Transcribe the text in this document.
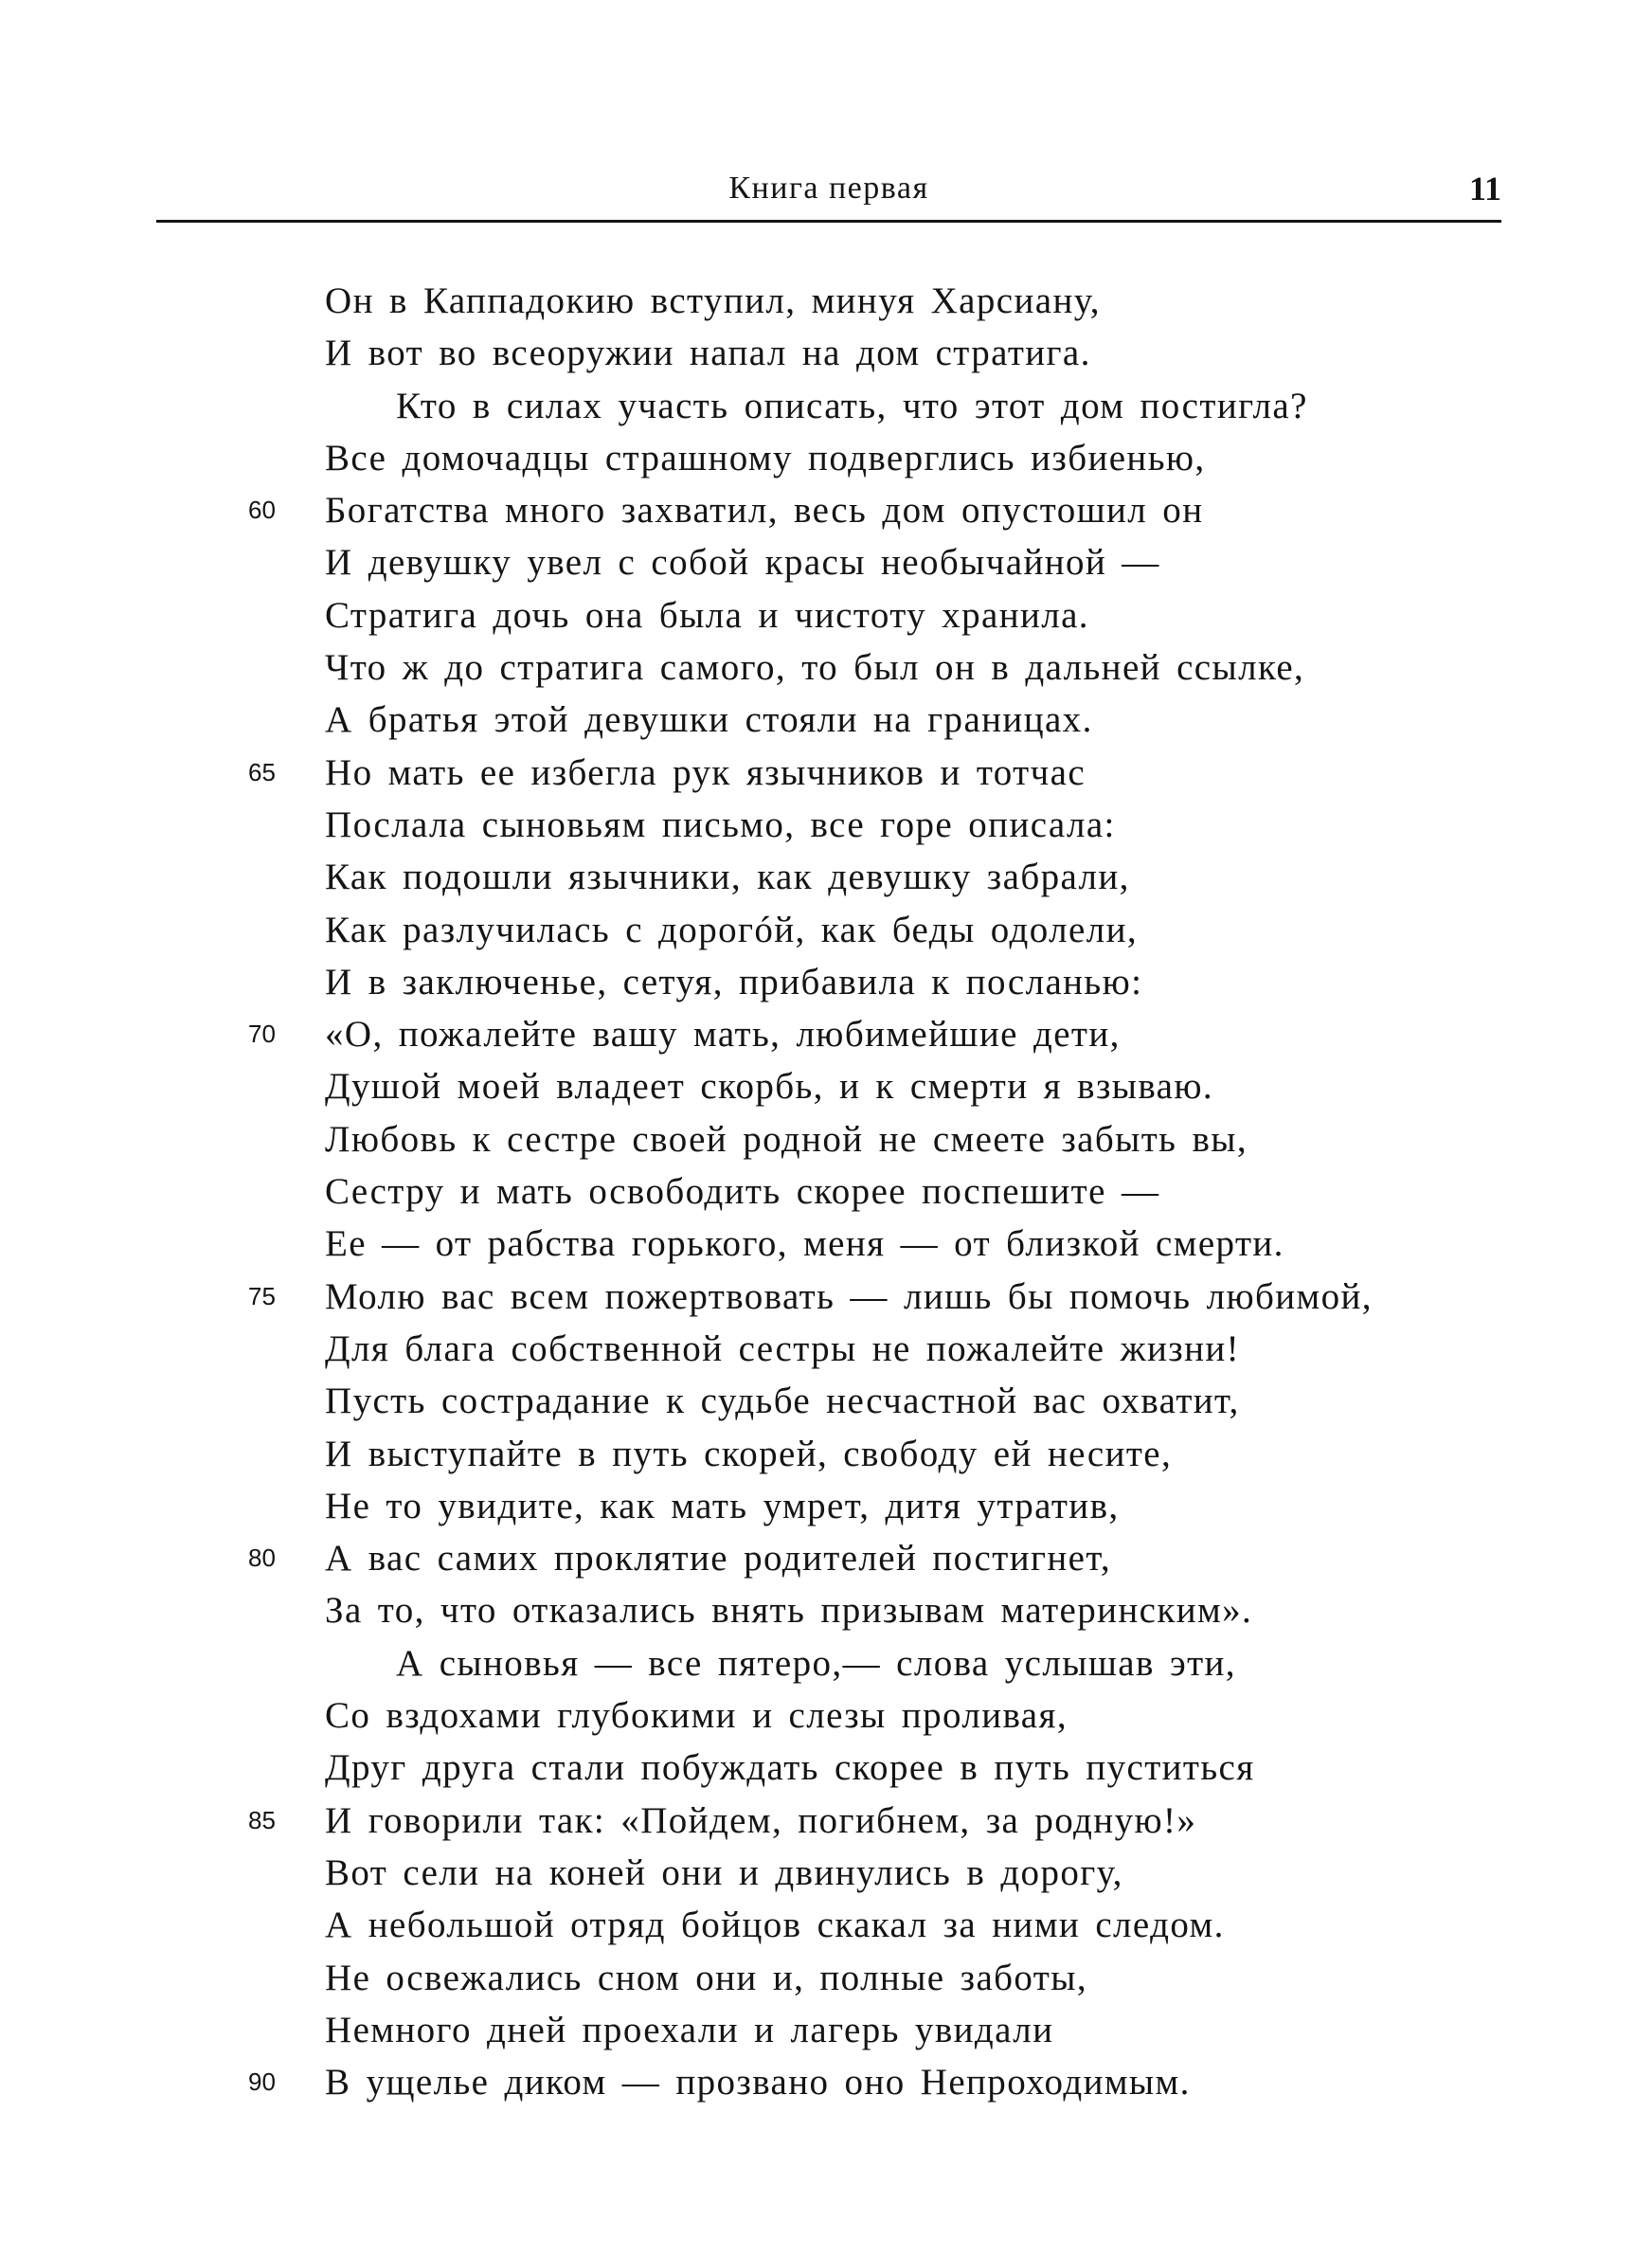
Книга первая	11
Он в Каппадокию вступил, минуя Харсиану,
И вот во всеоружии напал на дом стратига.
Кто в силах участь описать, что этот дом постигла?
Все домочадцы страшному подверглись избиенью,
60	Богатства много захватил, весь дом опустошил он
И девушку увел с собой красы необычайной —
Стратига дочь она была и чистоту хранила.
Что ж до стратига самого, то был он в дальней ссылке,
А братья этой девушки стояли на границах.
65	Но мать ее избегла рук язычников и тотчас
Послала сыновьям письмо, все горе описала:
Как подошли язычники, как девушку забрали,
Как разлучилась с дорогóй, как беды одолели,
И в заключенье, сетуя, прибавила к посланью:
70	«О, пожалейте вашу мать, любимейшие дети,
Душой моей владеет скорбь, и к смерти я взываю.
Любовь к сестре своей родной не смеете забыть вы,
Сестру и мать освободить скорее поспешите —
Ее — от рабства горького, меня — от близкой смерти.
75	Молю вас всем пожертвовать — лишь бы помочь любимой,
Для блага собственной сестры не пожалейте жизни!
Пусть сострадание к судьбе несчастной вас охватит,
И выступайте в путь скорей, свободу ей несите,
Не то увидите, как мать умрет, дитя утратив,
80	А вас самих проклятие родителей постигнет,
За то, что отказались внять призывам материнским».
А сыновья — все пятеро,— слова услышав эти,
Со вздохами глубокими и слезы проливая,
Друг друга стали побуждать скорее в путь пуститься
85	И говорили так: «Пойдем, погибнем, за родную!»
Вот сели на коней они и двинулись в дорогу,
А небольшой отряд бойцов скакал за ними следом.
Не освежались сном они и, полные заботы,
Немного дней проехали и лагерь увидали
90	В ущелье диком — прозвано оно Непроходимым.
